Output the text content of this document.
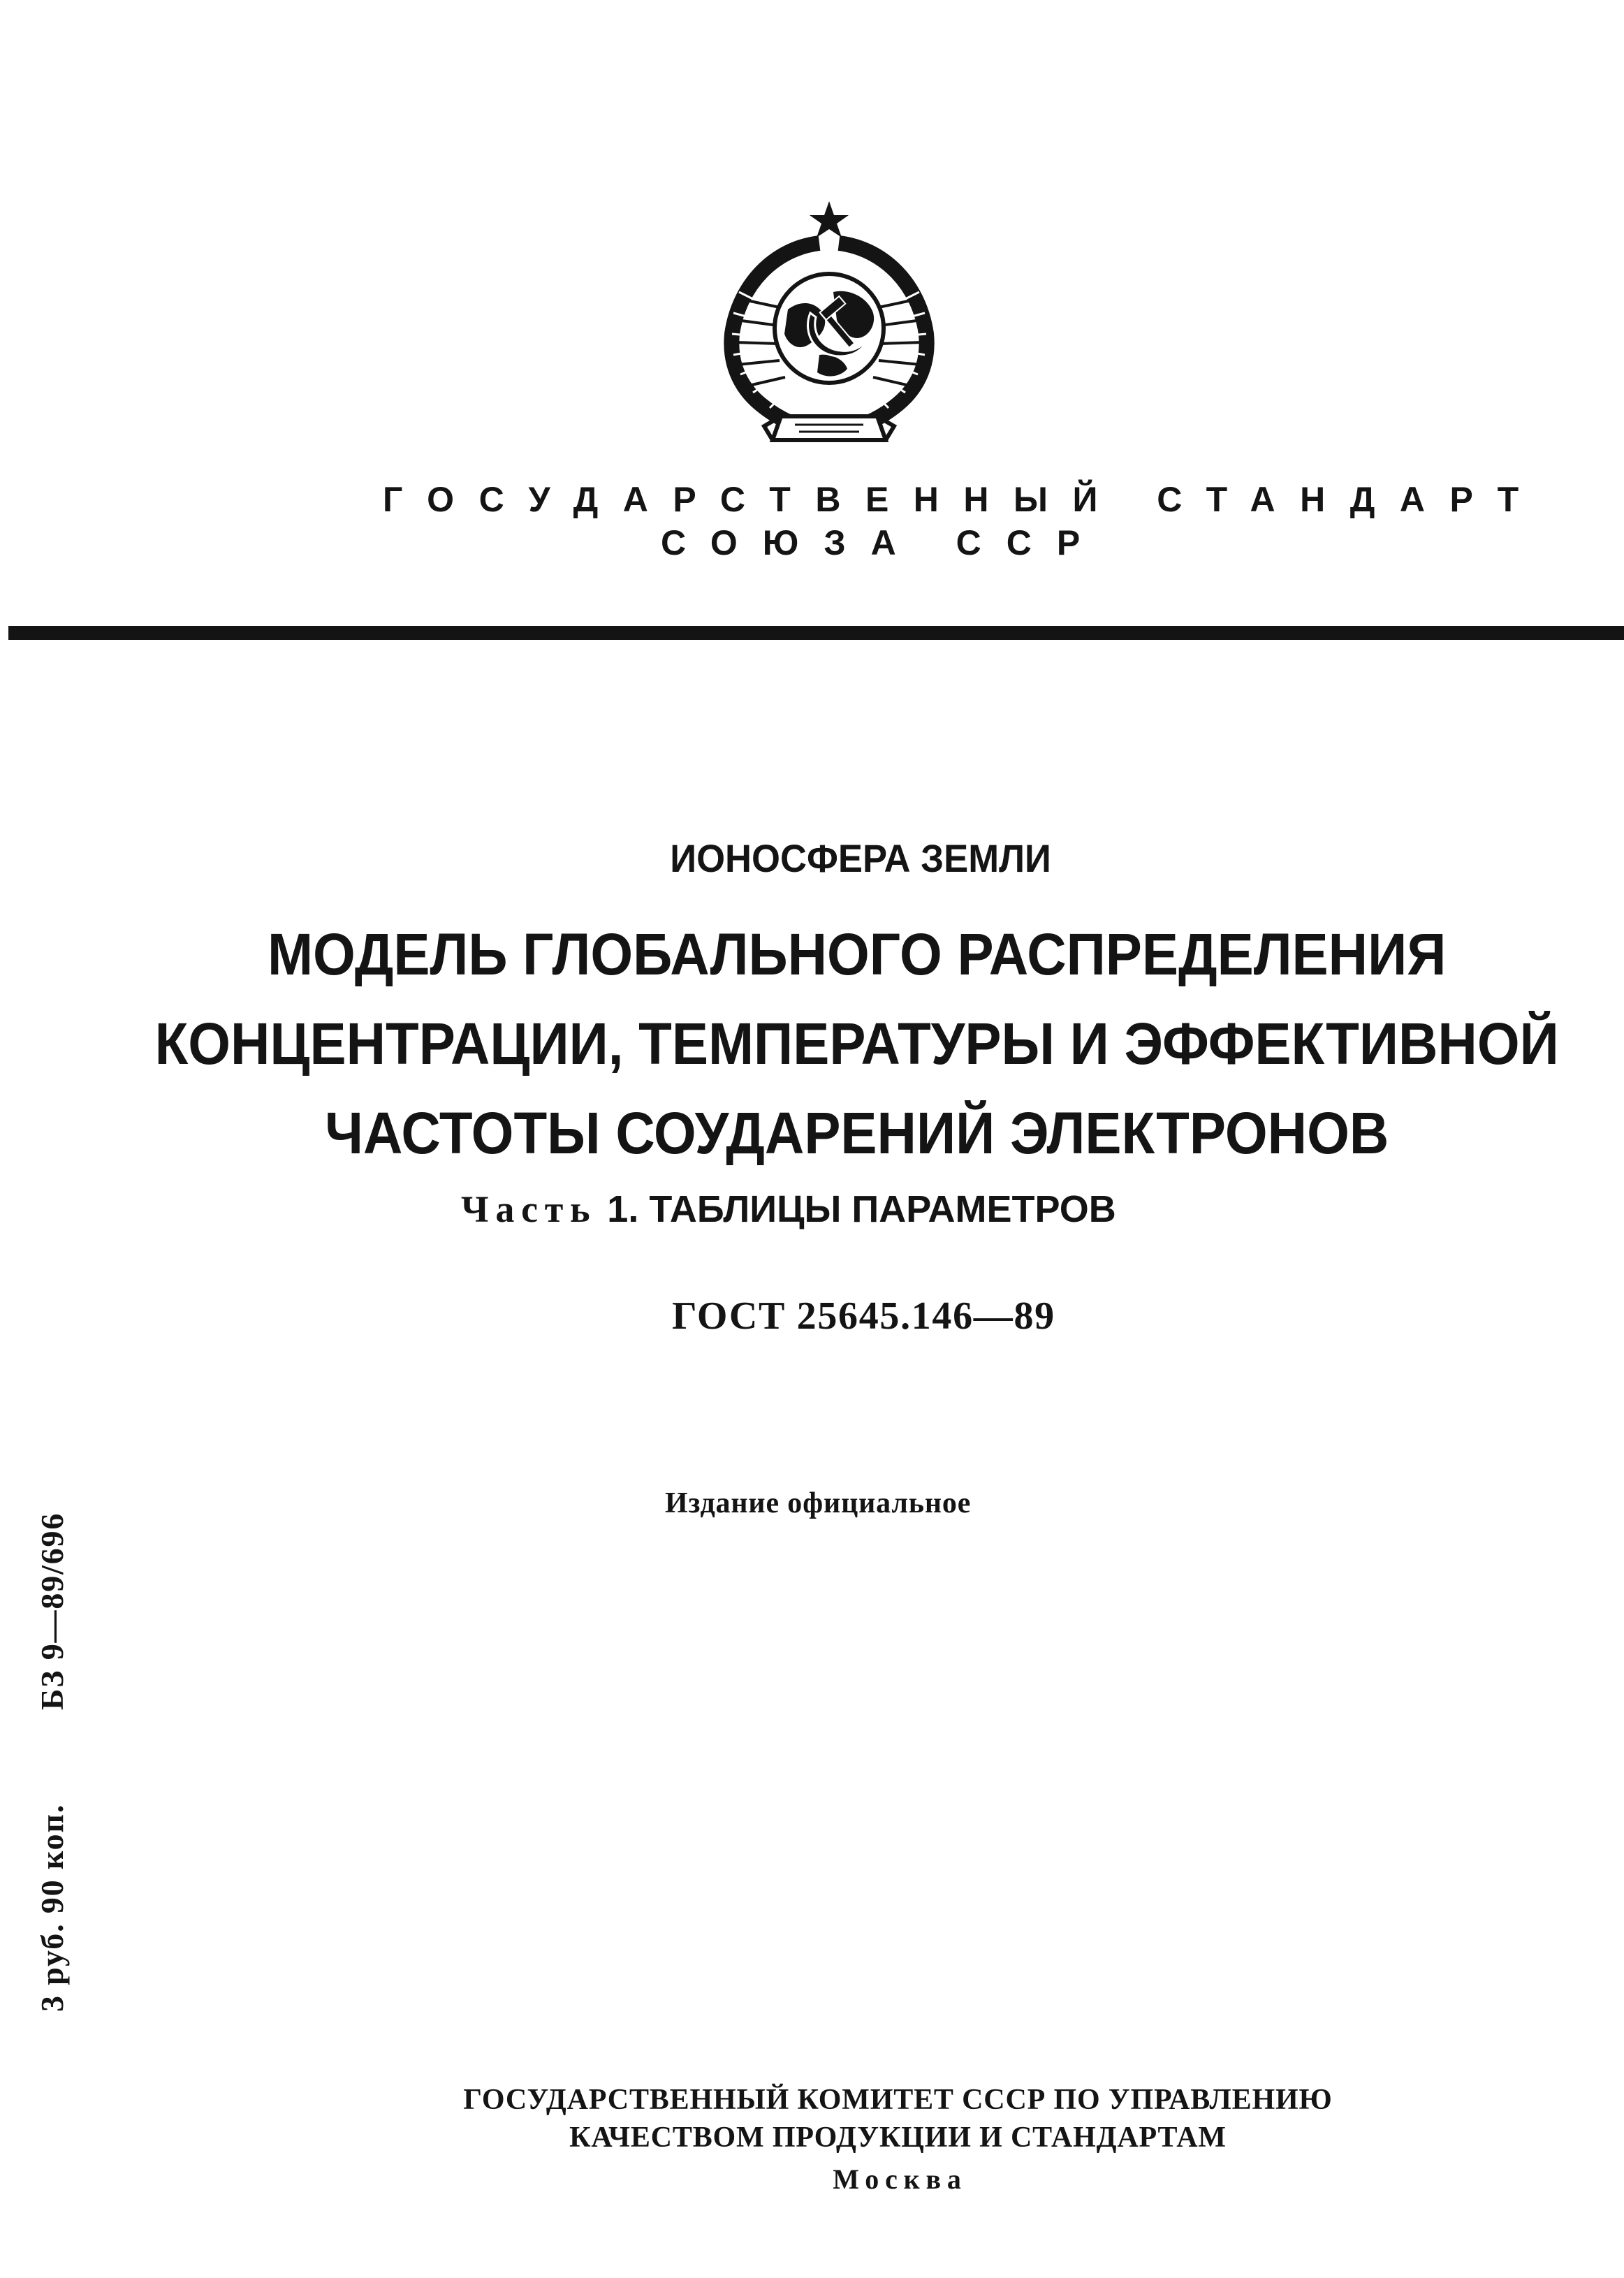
ГОСУДАРСТВЕННЫЙ СТАНДАРТ
СОЮЗА ССР
ИОНОСФЕРА ЗЕМЛИ
МОДЕЛЬ ГЛОБАЛЬНОГО РАСПРЕДЕЛЕНИЯ
КОНЦЕНТРАЦИИ, ТЕМПЕРАТУРЫ И ЭФФЕКТИВНОЙ
ЧАСТОТЫ СОУДАРЕНИЙ ЭЛЕКТРОНОВ
Часть 1. ТАБЛИЦЫ ПАРАМЕТРОВ
ГОСТ 25645.146—89
Издание официальное
БЗ 9—89/696
3 руб. 90 коп.
ГОСУДАРСТВЕННЫЙ КОМИТЕТ СССР ПО УПРАВЛЕНИЮ
КАЧЕСТВОМ ПРОДУКЦИИ И СТАНДАРТАМ
Москва
